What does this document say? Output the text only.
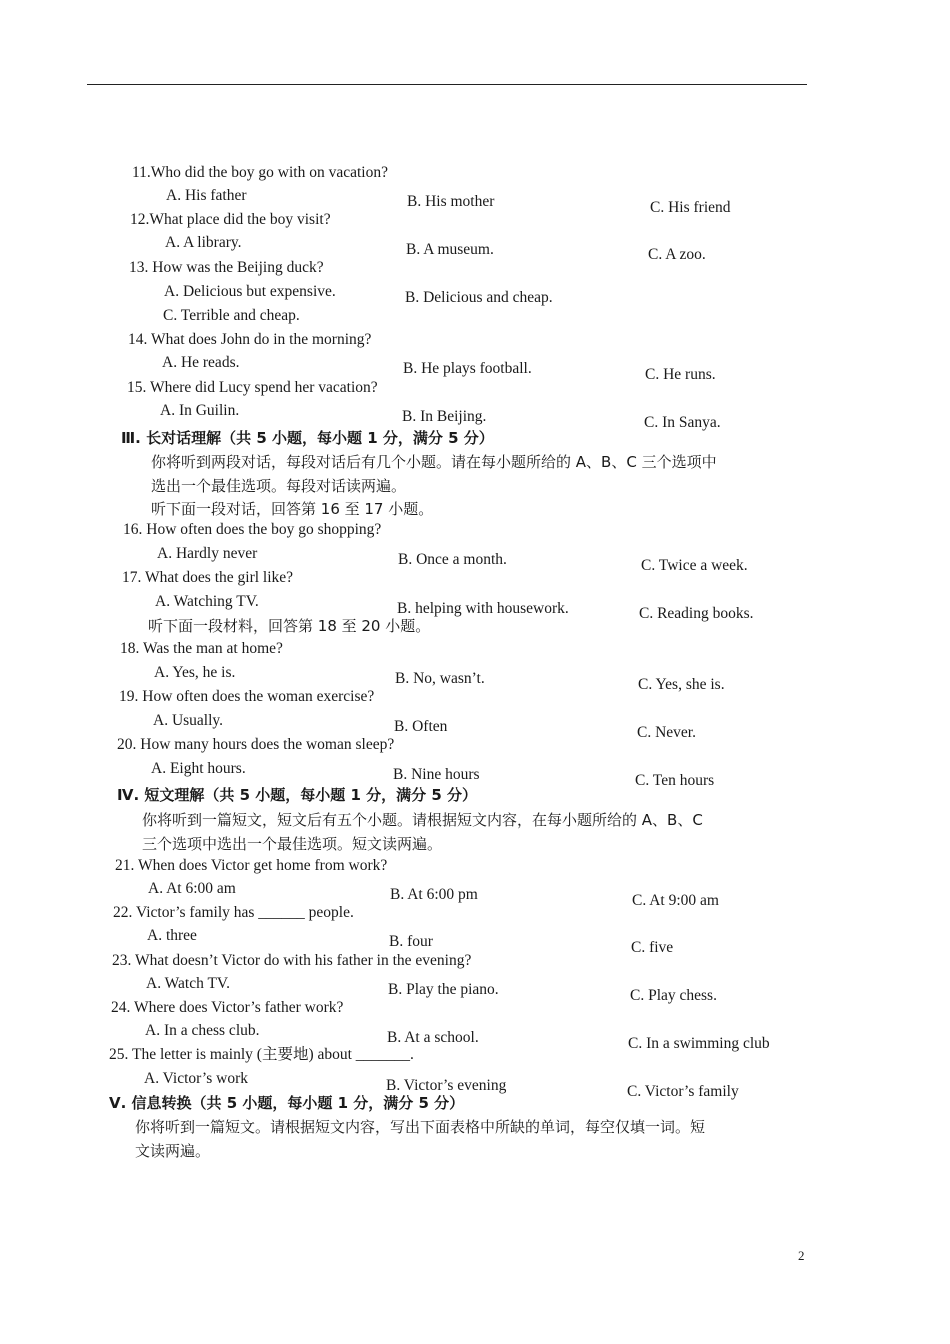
11.Who did the boy go with on vacation?
A. His father	B. His mother	C. His friend
12.What place did the boy visit?
A. A library.	B. A museum.	C. A zoo.
13. How was the Beijing duck?
A. Delicious but expensive.	B. Delicious and cheap.
C. Terrible and cheap.
14. What does John do in the morning?
A. He reads.	B. He plays football.	C. He runs.
15. Where did Lucy spend her vacation?
A. In Guilin.	B. In Beijing.	C. In Sanya.
Ⅲ. 长对话理解（共 5 小题，每小题 1 分，满分 5 分）
你将听到两段对话，每段对话后有几个小题。请在每小题所给的 A、B、C 三个选项中
选出一个最佳选项。每段对话读两遍。
听下面一段对话，回答第 16 至 17 小题。
16. How often does the boy go shopping?
A. Hardly never	B. Once a month.	C. Twice a week.
17. What does the girl like?
A. Watching TV.	B. helping with housework.	C. Reading books.
听下面一段材料，回答第 18 至 20 小题。
18. Was the man at home?
A. Yes, he is.	B. No, wasn’t.	C. Yes, she is.
19. How often does the woman exercise?
A. Usually.	B. Often	C. Never.
20. How many hours does the woman sleep?
A. Eight hours.	B. Nine hours	C. Ten hours
Ⅳ. 短文理解（共 5 小题，每小题 1 分，满分 5 分）
你将听到一篇短文，短文后有五个小题。请根据短文内容，在每小题所给的 A、B、C
三个选项中选出一个最佳选项。短文读两遍。
21. When does Victor get home from work?
A. At 6:00 am	B. At 6:00 pm	C. At 9:00 am
22. Victor’s family has ______ people.
A. three	B. four	C. five
23. What doesn’t Victor do with his father in the evening?
A. Watch TV.	B. Play the piano.	C. Play chess.
24. Where does Victor’s father work?
A. In a chess club.	B. At a school.	C. In a swimming club
25. The letter is mainly (主要地) about _______.
A. Victor’s work	B. Victor’s evening	C. Victor’s family
Ⅴ. 信息转换（共 5 小题，每小题 1 分，满分 5 分）
你将听到一篇短文。请根据短文内容，写出下面表格中所缺的单词，每空仅填一词。短
文读两遍。
2
